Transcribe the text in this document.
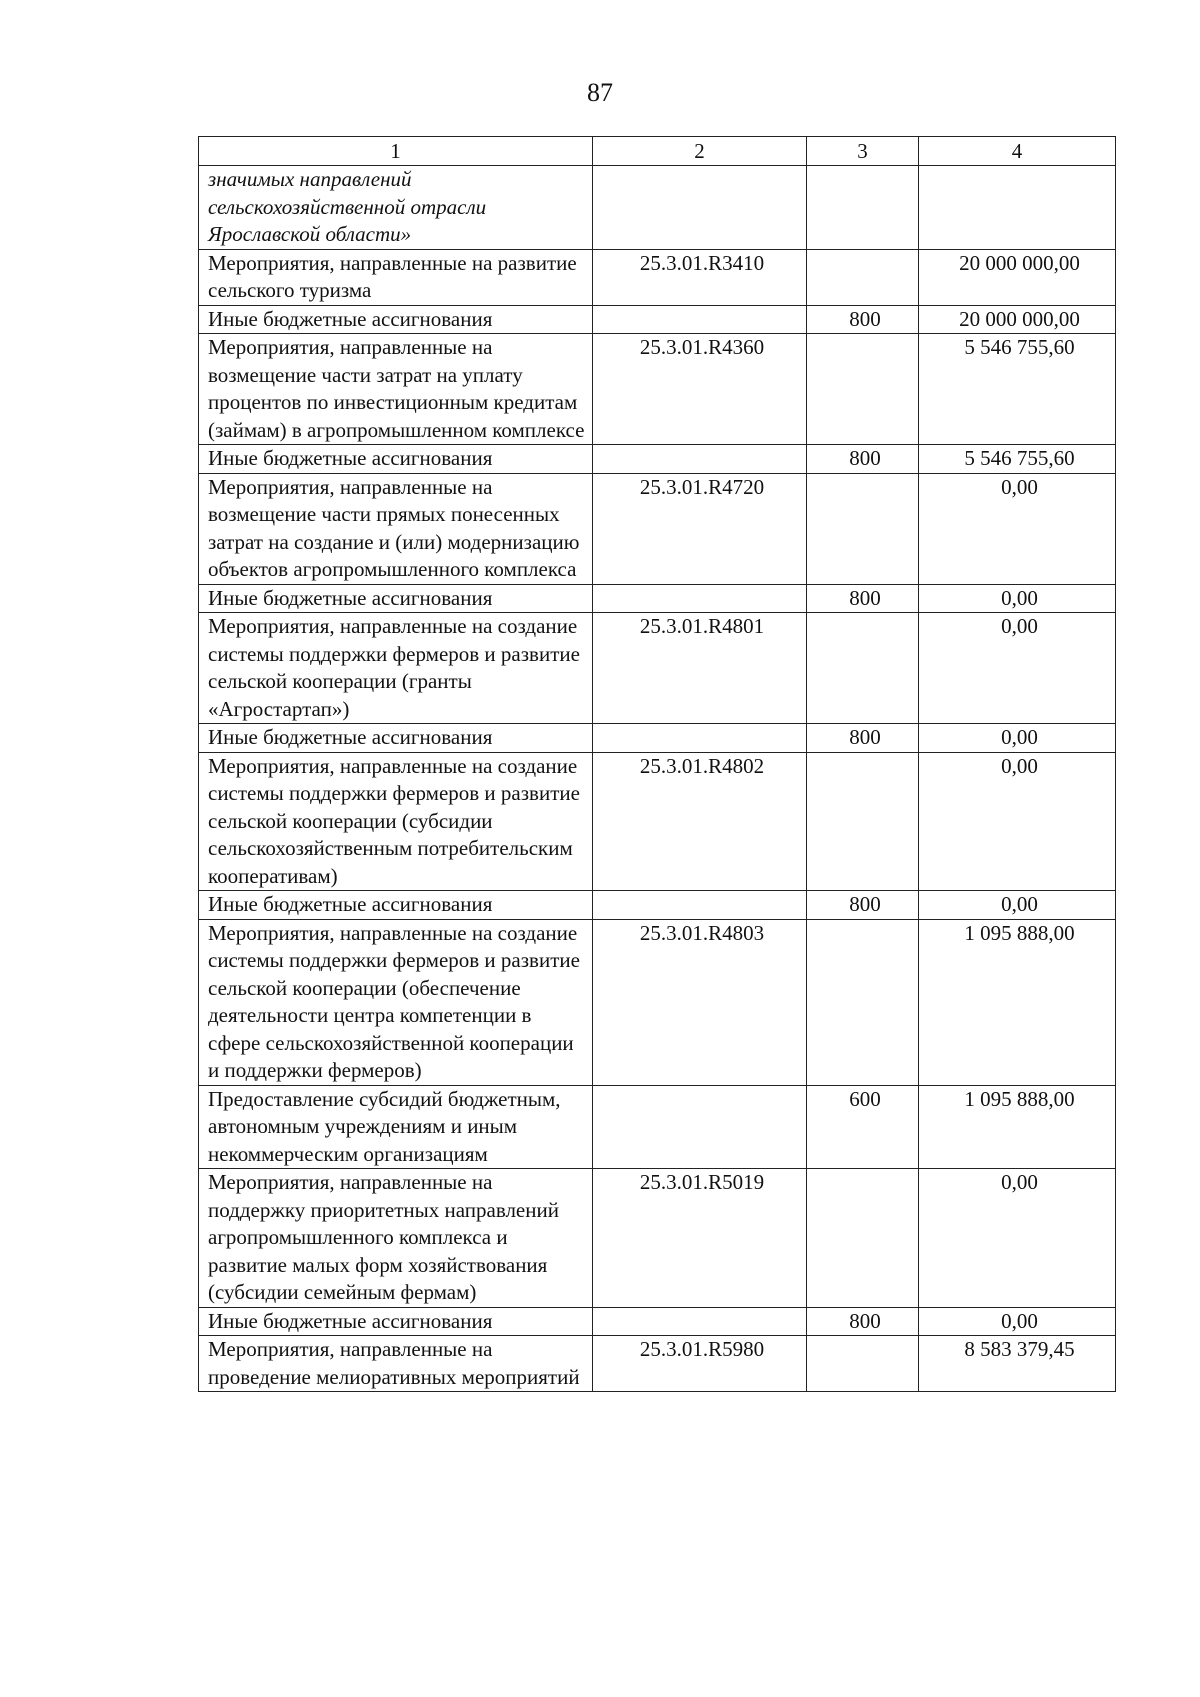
87
1	2	3	4
значимых направлений сельскохозяйственной отрасли Ярославской области»			
Мероприятия, направленные на развитие сельского туризма	25.3.01.R3410		20 000 000,00
Иные бюджетные ассигнования		800	20 000 000,00
Мероприятия, направленные на возмещение части затрат на уплату процентов по инвестиционным кредитам (займам) в агропромышленном комплексе	25.3.01.R4360		5 546 755,60
Иные бюджетные ассигнования		800	5 546 755,60
Мероприятия, направленные на возмещение части прямых понесенных затрат на создание и (или) модернизацию объектов агропромышленного комплекса	25.3.01.R4720		0,00
Иные бюджетные ассигнования		800	0,00
Мероприятия, направленные на создание системы поддержки фермеров и развитие сельской кооперации (гранты «Агростартап»)	25.3.01.R4801		0,00
Иные бюджетные ассигнования		800	0,00
Мероприятия, направленные на создание системы поддержки фермеров и развитие сельской кооперации (субсидии сельскохозяйственным потребительским кооперативам)	25.3.01.R4802		0,00
Иные бюджетные ассигнования		800	0,00
Мероприятия, направленные на создание системы поддержки фермеров и развитие сельской кооперации (обеспечение деятельности центра компетенции в сфере сельскохозяйственной кооперации и поддержки фермеров)	25.3.01.R4803		1 095 888,00
Предоставление субсидий бюджетным, автономным учреждениям и иным некоммерческим организациям		600	1 095 888,00
Мероприятия, направленные на поддержку приоритетных направлений агропромышленного комплекса и развитие малых форм хозяйствования (субсидии семейным фермам)	25.3.01.R5019		0,00
Иные бюджетные ассигнования		800	0,00
Мероприятия, направленные на проведение мелиоративных мероприятий	25.3.01.R5980		8 583 379,45
